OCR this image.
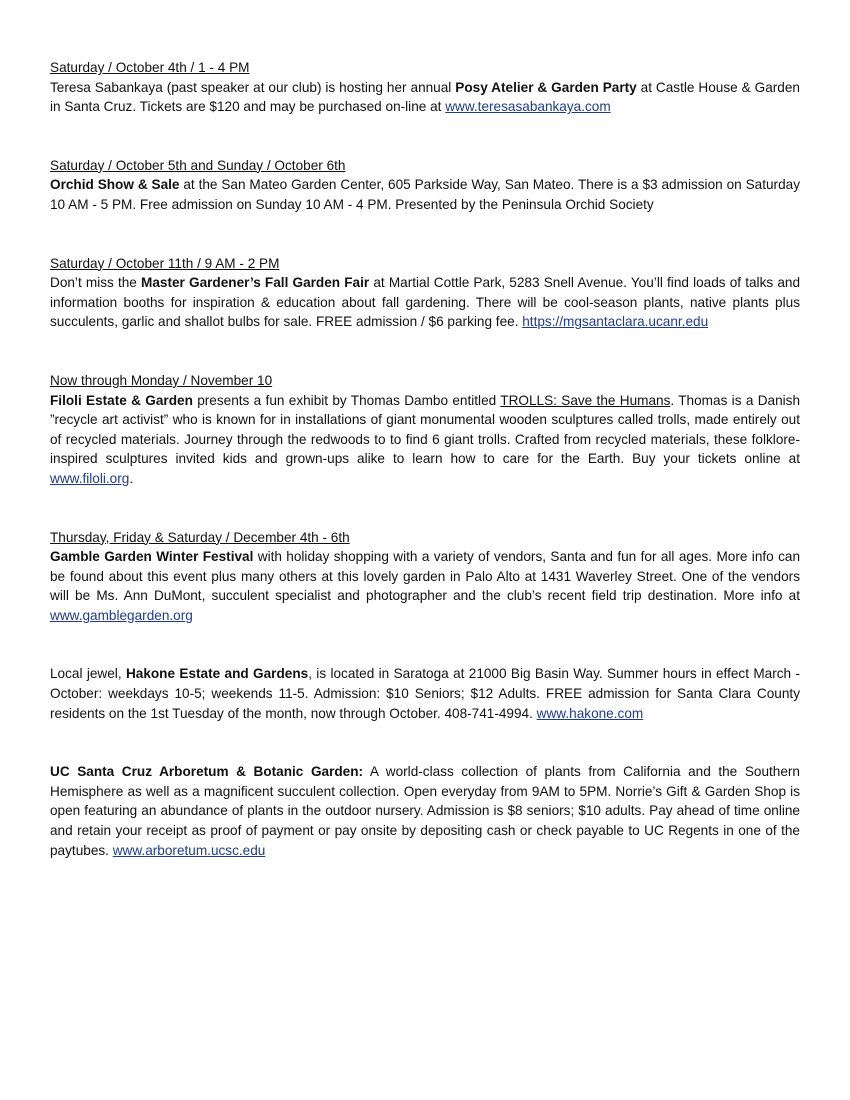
Saturday / October 4th / 1 - 4 PM

Teresa Sabankaya (past speaker at our club) is hosting her annual Posy Atelier & Garden Party at Castle House & Garden in Santa Cruz. Tickets are $120 and may be purchased on-line at www.teresasabankaya.com

Saturday / October 5th and Sunday / October 6th

Orchid Show & Sale at the San Mateo Garden Center, 605 Parkside Way, San Mateo. There is a $3 admission on Saturday 10 AM - 5 PM. Free admission on Sunday 10 AM - 4 PM. Presented by the Peninsula Orchid Society

Saturday / October 11th / 9 AM - 2 PM

Don’t miss the Master Gardener’s Fall Garden Fair at Martial Cottle Park, 5283 Snell Avenue. You’ll find loads of talks and information booths for inspiration & education about fall gardening. There will be cool-season plants, native plants plus succulents, garlic and shallot bulbs for sale. FREE admission / $6 parking fee. https://mgsantaclara.ucanr.edu

Now through Monday / November 10

Filoli Estate & Garden presents a fun exhibit by Thomas Dambo entitled TROLLS: Save the Humans. Thomas is a Danish ”recycle art activist” who is known for in installations of giant monumental wooden sculptures called trolls, made entirely out of recycled materials. Journey through the redwoods to to find 6 giant trolls. Crafted from recycled materials, these folklore-inspired sculptures invited kids and grown-ups alike to learn how to care for the Earth. Buy your tickets online at www.filoli.org.

Thursday, Friday & Saturday / December 4th - 6th

Gamble Garden Winter Festival with holiday shopping with a variety of vendors, Santa and fun for all ages. More info can be found about this event plus many others at this lovely garden in Palo Alto at 1431 Waverley Street. One of the vendors will be Ms. Ann DuMont, succulent specialist and photographer and the club’s recent field trip destination. More info at www.gamblegarden.org

Local jewel, Hakone Estate and Gardens, is located in Saratoga at 21000 Big Basin Way. Summer hours in effect March - October: weekdays 10-5; weekends 11-5. Admission: $10 Seniors; $12 Adults. FREE admission for Santa Clara County residents on the 1st Tuesday of the month, now through October. 408-741-4994. www.hakone.com

UC Santa Cruz Arboretum & Botanic Garden: A world-class collection of plants from California and the Southern Hemisphere as well as a magnificent succulent collection. Open everyday from 9AM to 5PM. Norrie’s Gift & Garden Shop is open featuring an abundance of plants in the outdoor nursery. Admission is $8 seniors; $10 adults. Pay ahead of time online and retain your receipt as proof of payment or pay onsite by depositing cash or check payable to UC Regents in one of the paytubes. www.arboretum.ucsc.edu
